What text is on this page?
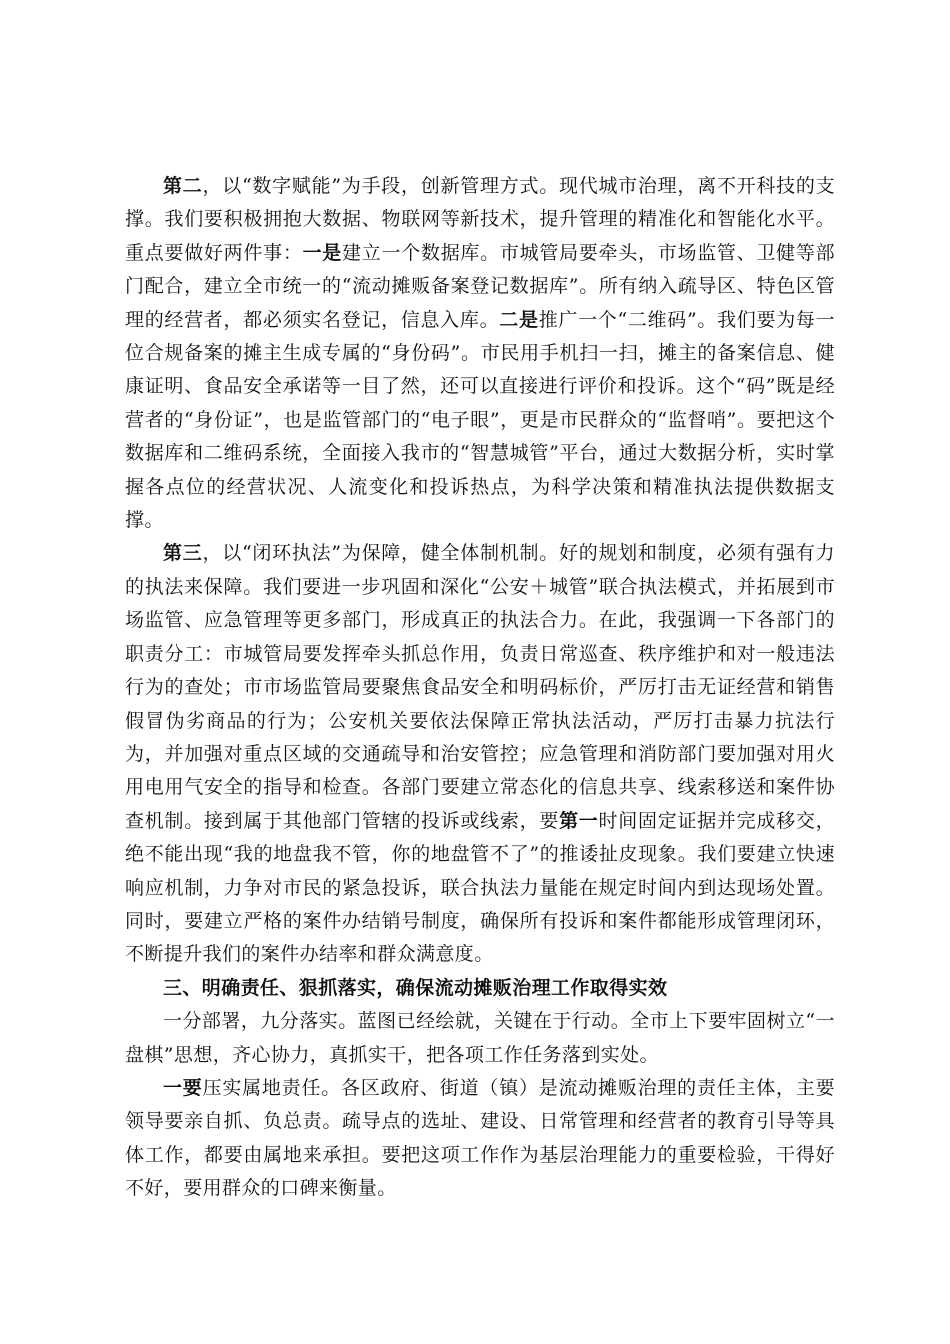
第二，以“数字赋能”为手段，创新管理方式。现代城市治理，离不开科技的支撑。我们要积极拥抱大数据、物联网等新技术，提升管理的精准化和智能化水平。重点要做好两件事：一是建立一个数据库。市城管局要牵头，市场监管、卫健等部门配合，建立全市统一的“流动摊贩备案登记数据库”。所有纳入疏导区、特色区管理的经营者，都必须实名登记，信息入库。二是推广一个“二维码”。我们要为每一位合规备案的摊主生成专属的“身份码”。市民用手机扫一扫，摊主的备案信息、健康证明、食品安全承诺等一目了然，还可以直接进行评价和投诉。这个“码”既是经营者的“身份证”，也是监管部门的“电子眼”，更是市民群众的“监督哨”。要把这个数据库和二维码系统，全面接入我市的“智慧城管”平台，通过大数据分析，实时掌握各点位的经营状况、人流变化和投诉热点，为科学决策和精准执法提供数据支撑。

第三，以“闭环执法”为保障，健全体制机制。好的规划和制度，必须有强有力的执法来保障。我们要进一步巩固和深化“公安＋城管”联合执法模式，并拓展到市场监管、应急管理等更多部门，形成真正的执法合力。在此，我强调一下各部门的职责分工：市城管局要发挥牵头抓总作用，负责日常巡查、秩序维护和对一般违法行为的查处；市市场监管局要聚焦食品安全和明码标价，严厉打击无证经营和销售假冒伪劣商品的行为；公安机关要依法保障正常执法活动，严厉打击暴力抗法行为，并加强对重点区域的交通疏导和治安管控；应急管理和消防部门要加强对用火用电用气安全的指导和检查。各部门要建立常态化的信息共享、线索移送和案件协查机制。接到属于其他部门管辖的投诉或线索，要第一时间固定证据并完成移交，绝不能出现“我的地盘我不管，你的地盘管不了”的推诿扯皮现象。我们要建立快速响应机制，力争对市民的紧急投诉，联合执法力量能在规定时间内到达现场处置。同时，要建立严格的案件办结销号制度，确保所有投诉和案件都能形成管理闭环，不断提升我们的案件办结率和群众满意度。

三、明确责任、狠抓落实，确保流动摊贩治理工作取得实效

一分部署，九分落实。蓝图已经绘就，关键在于行动。全市上下要牢固树立“一盘棋”思想，齐心协力，真抓实干，把各项工作任务落到实处。

一要压实属地责任。各区政府、街道（镇）是流动摊贩治理的责任主体，主要领导要亲自抓、负总责。疏导点的选址、建设、日常管理和经营者的教育引导等具体工作，都要由属地来承担。要把这项工作作为基层治理能力的重要检验，干得好不好，要用群众的口碑来衡量。
